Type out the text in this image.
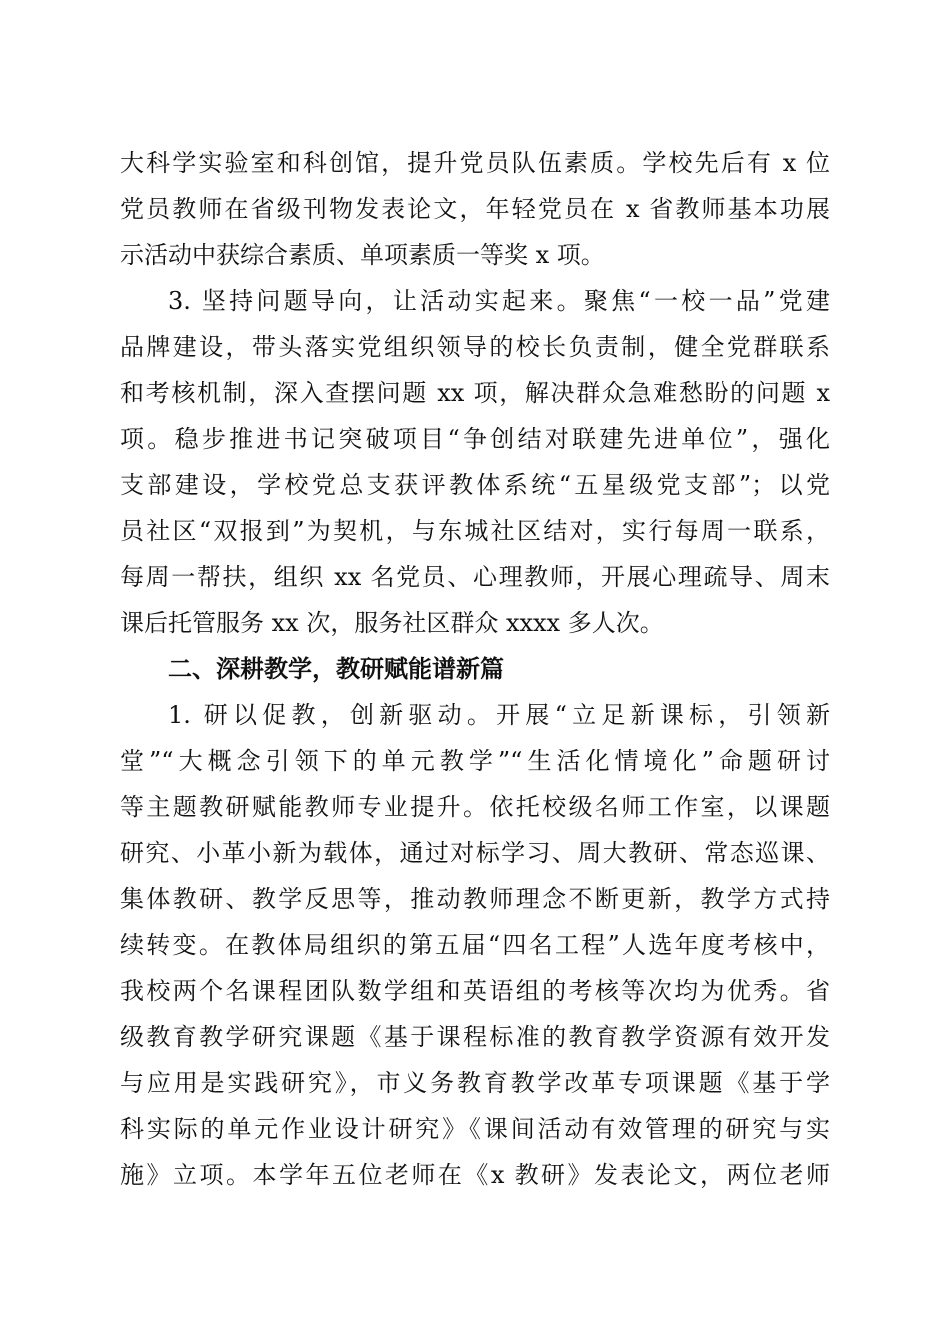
大科学实验室和科创馆，提升党员队伍素质。学校先后有 x 位
党员教师在省级刊物发表论文，年轻党员在 x 省教师基本功展
示活动中获综合素质、单项素质一等奖 x 项。
3. 坚持问题导向，让活动实起来。聚焦“一校一品”党建
品牌建设，带头落实党组织领导的校长负责制，健全党群联系
和考核机制，深入查摆问题 xx 项，解决群众急难愁盼的问题 x
项。稳步推进书记突破项目“争创结对联建先进单位”，强化
支部建设，学校党总支获评教体系统“五星级党支部”；以党
员社区“双报到”为契机，与东城社区结对，实行每周一联系，
每周一帮扶，组织 xx 名党员、心理教师，开展心理疏导、周末
课后托管服务 xx 次，服务社区群众 xxxx 多人次。
二、深耕教学，教研赋能谱新篇
1. 研以促教，创新驱动。开展“立足新课标，引领新
堂”“大概念引领下的单元教学”“生活化情境化”命题研讨
等主题教研赋能教师专业提升。依托校级名师工作室，以课题
研究、小革小新为载体，通过对标学习、周大教研、常态巡课、
集体教研、教学反思等，推动教师理念不断更新，教学方式持
续转变。在教体局组织的第五届“四名工程”人选年度考核中，
我校两个名课程团队数学组和英语组的考核等次均为优秀。省
级教育教学研究课题《基于课程标准的教育教学资源有效开发
与应用是实践研究》，市义务教育教学改革专项课题《基于学
科实际的单元作业设计研究》《课间活动有效管理的研究与实
施》立项。本学年五位老师在《x 教研》发表论文，两位老师
